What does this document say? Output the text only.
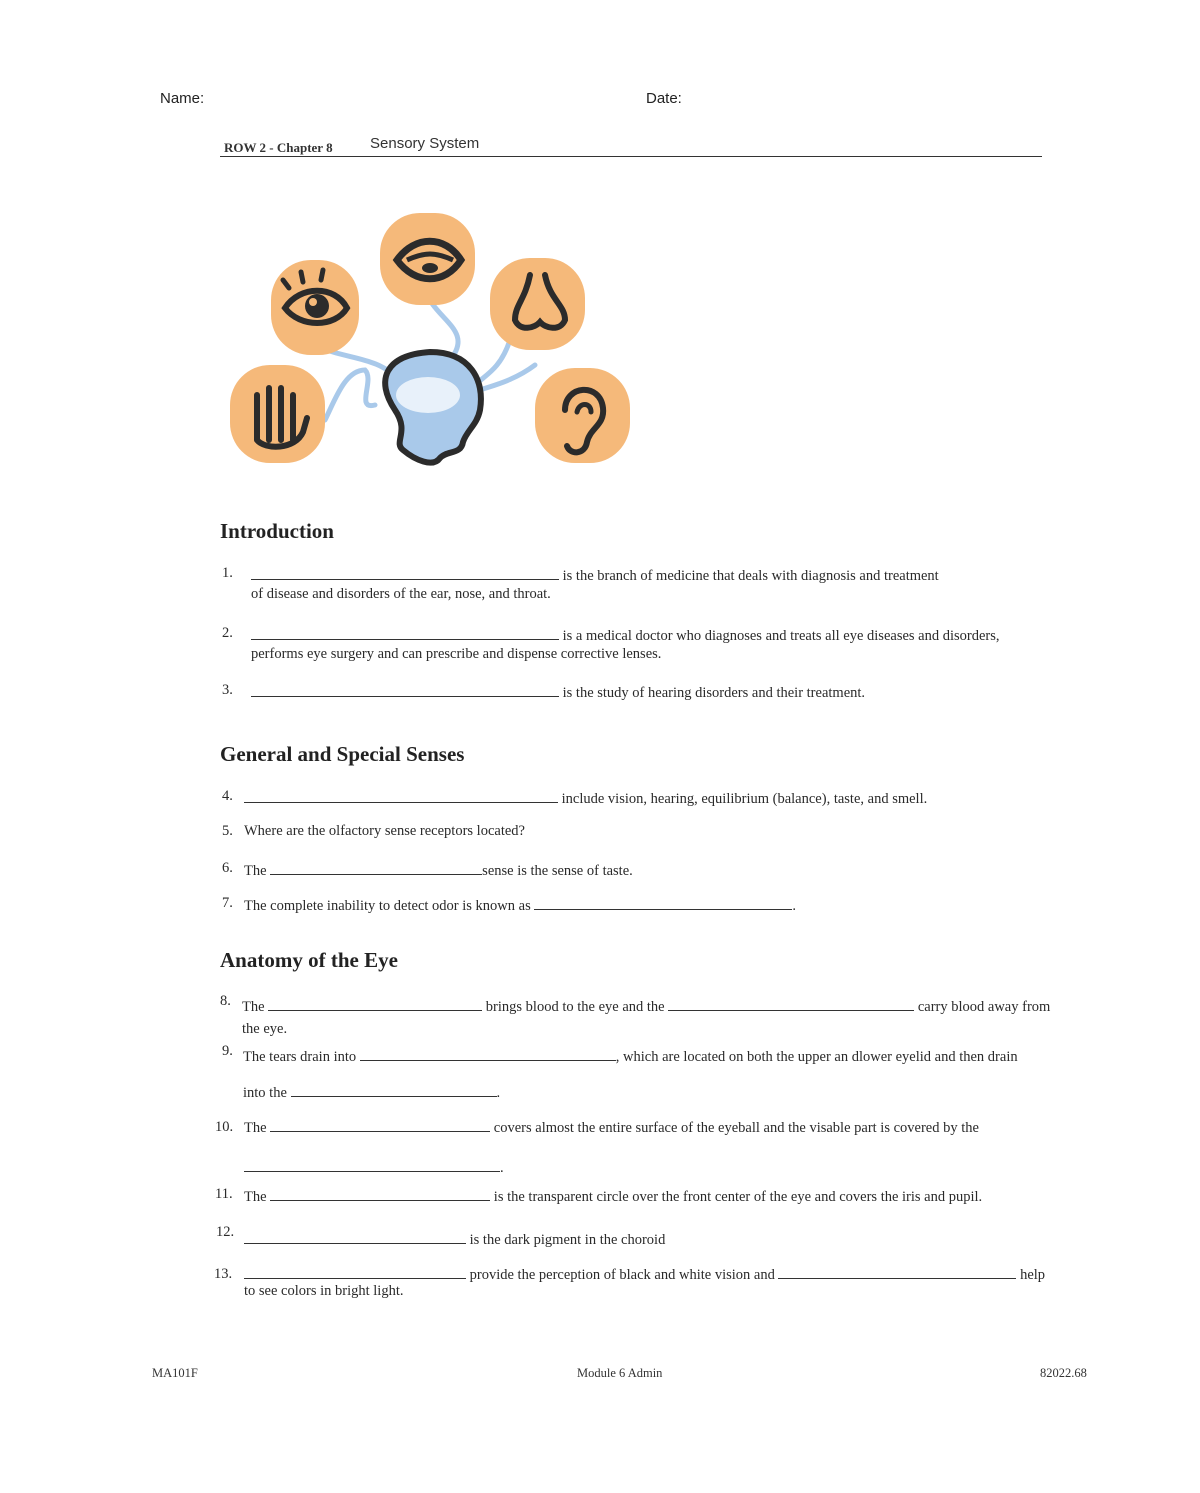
Name:	Date:
ROW 2 - Chapter 8 Sensory System
Introduction
1.	is the branch of medicine that deals with diagnosis and treatment
of disease and disorders of the ear, nose, and throat.
2.	is a medical doctor who diagnoses and treats all eye diseases and disorders,
performs eye surgery and can prescribe and dispense corrective lenses.
3.	is the study of hearing disorders and their treatment.
General and Special Senses
4.	include vision, hearing, equilibrium (balance), taste, and smell.
5. Where are the olfactory sense receptors located?
6. The	sense is the sense of taste.
7. The complete inability to detect odor is known as	.
Anatomy of the Eye
8. The	brings blood to the eye and the	carry blood away from
the eye.
9. The tears drain into	, which are located on both the upper an dlower eyelid and then drain
into the	.
10. The	covers almost the entire surface of the eyeball and the visable part is covered by the
.
11. The	is the transparent circle over the front center of the eye and covers the iris and pupil.
12.	is the dark pigment in the choroid
13.	provide the perception of black and white vision and	help
to see colors in bright light.
MA101F	Module 6 Admin	82022.68
